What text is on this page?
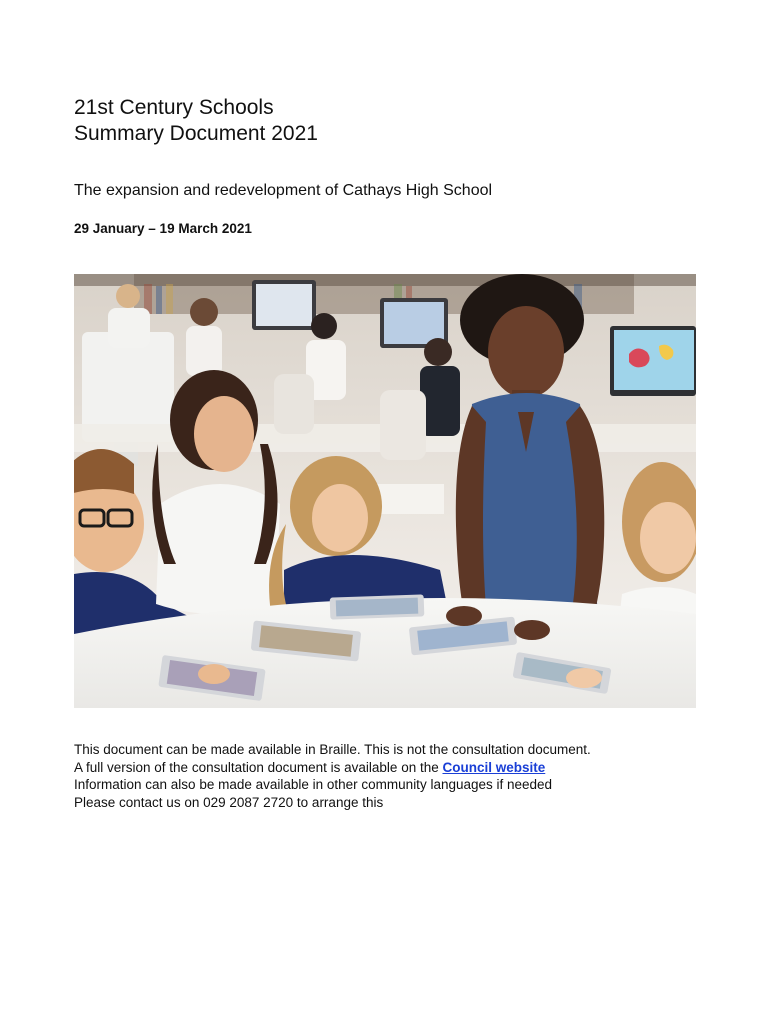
21st Century Schools
Summary Document 2021

The expansion and redevelopment of Cathays High School

29 January – 19 March 2021
This document can be made available in Braille. This is not the consultation document.
A full version of the consultation document is available on the Council website
Information can also be made available in other community languages if needed
Please contact us on 029 2087 2720 to arrange this
